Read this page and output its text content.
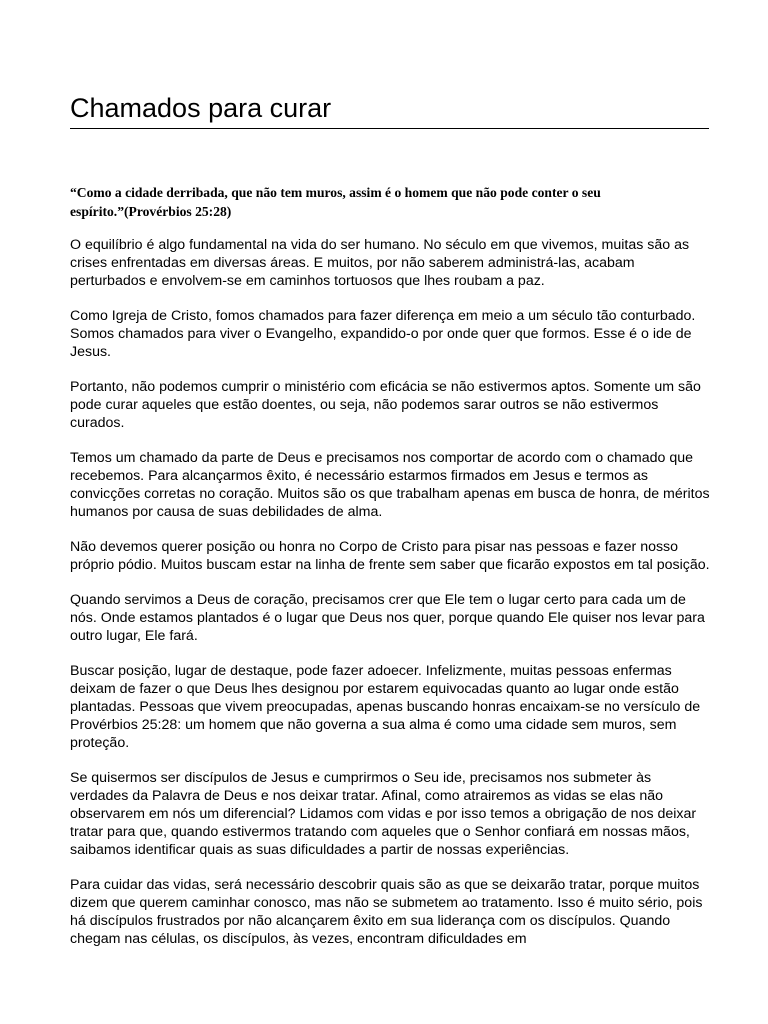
Chamados para curar

“Como a cidade derribada, que não tem muros, assim é o homem que não pode conter o seu espírito.”(Provérbios 25:28)

O equilíbrio é algo fundamental na vida do ser humano. No século em que vivemos, muitas são as crises enfrentadas em diversas áreas. E muitos, por não saberem administrá-las, acabam perturbados e envolvem-se em caminhos tortuosos que lhes roubam a paz.

Como Igreja de Cristo, fomos chamados para fazer diferença em meio a um século tão conturbado. Somos chamados para viver o Evangelho, expandido-o por onde quer que formos. Esse é o ide de Jesus.

Portanto, não podemos cumprir o ministério com eficácia se não estivermos aptos. Somente um são pode curar aqueles que estão doentes, ou seja, não podemos sarar outros se não estivermos curados.

Temos um chamado da parte de Deus e precisamos nos comportar de acordo com o chamado que recebemos. Para alcançarmos êxito, é necessário estarmos firmados em Jesus e termos as convicções corretas no coração. Muitos são os que trabalham apenas em busca de honra, de méritos humanos por causa de suas debilidades de alma.

Não devemos querer posição ou honra no Corpo de Cristo para pisar nas pessoas e fazer nosso próprio pódio. Muitos buscam estar na linha de frente sem saber que ficarão expostos em tal posição.

Quando servimos a Deus de coração, precisamos crer que Ele tem o lugar certo para cada um de nós. Onde estamos plantados é o lugar que Deus nos quer, porque quando Ele quiser nos levar para outro lugar, Ele fará.

Buscar posição, lugar de destaque, pode fazer adoecer. Infelizmente, muitas pessoas enfermas deixam de fazer o que Deus lhes designou por estarem equivocadas quanto ao lugar onde estão plantadas. Pessoas que vivem preocupadas, apenas buscando honras encaixam-se no versículo de Provérbios 25:28: um homem que não governa a sua alma é como uma cidade sem muros, sem proteção.

Se quisermos ser discípulos de Jesus e cumprirmos o Seu ide, precisamos nos submeter às verdades da Palavra de Deus e nos deixar tratar. Afinal, como atrairemos as vidas se elas não observarem em nós um diferencial? Lidamos com vidas e por isso temos a obrigação de nos deixar tratar para que, quando estivermos tratando com aqueles que o Senhor confiará em nossas mãos, saibamos identificar quais as suas dificuldades a partir de nossas experiências.

Para cuidar das vidas, será necessário descobrir quais são as que se deixarão tratar, porque muitos dizem que querem caminhar conosco, mas não se submetem ao tratamento. Isso é muito sério, pois há discípulos frustrados por não alcançarem êxito em sua liderança com os discípulos. Quando chegam nas células, os discípulos, às vezes, encontram dificuldades em
